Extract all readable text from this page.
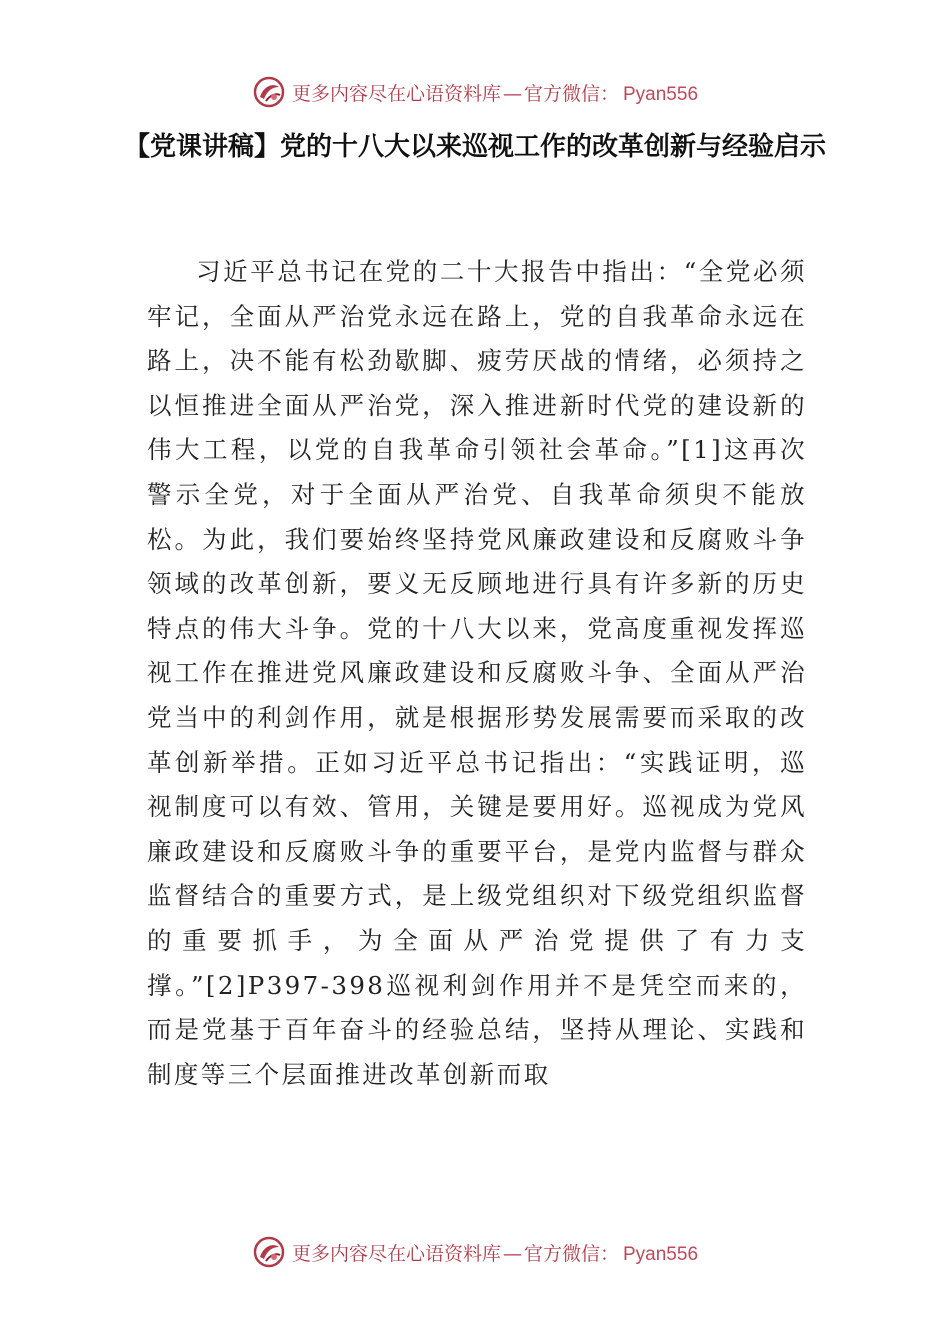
更多内容尽在心语资料库 — 官方微信： Pyan556
【党课讲稿】党的十八大以来巡视工作的改革创新与经验启示

习近平总书记在党的二十大报告中指出：“全党必须牢记，全面从严治党永远在路上，党的自我革命永远在路上，决不能有松劲歇脚、疲劳厌战的情绪，必须持之以恒推进全面从严治党，深入推进新时代党的建设新的伟大工程，以党的自我革命引领社会革命。”[1]这再次警示全党，对于全面从严治党、自我革命须臾不能放松。为此，我们要始终坚持党风廉政建设和反腐败斗争领域的改革创新，要义无反顾地进行具有许多新的历史特点的伟大斗争。党的十八大以来，党高度重视发挥巡视工作在推进党风廉政建设和反腐败斗争、全面从严治党当中的利剑作用，就是根据形势发展需要而采取的改革创新举措。正如习近平总书记指出：“实践证明，巡视制度可以有效、管用，关键是要用好。巡视成为党风廉政建设和反腐败斗争的重要平台，是党内监督与群众监督结合的重要方式，是上级党组织对下级党组织监督的重要抓手，为全面从严治党提供了有力支撑。”[2]P397-398巡视利剑作用并不是凭空而来的，而是党基于百年奋斗的经验总结，坚持从理论、实践和制度等三个层面推进改革创新而取

更多内容尽在心语资料库 — 官方微信： Pyan556
